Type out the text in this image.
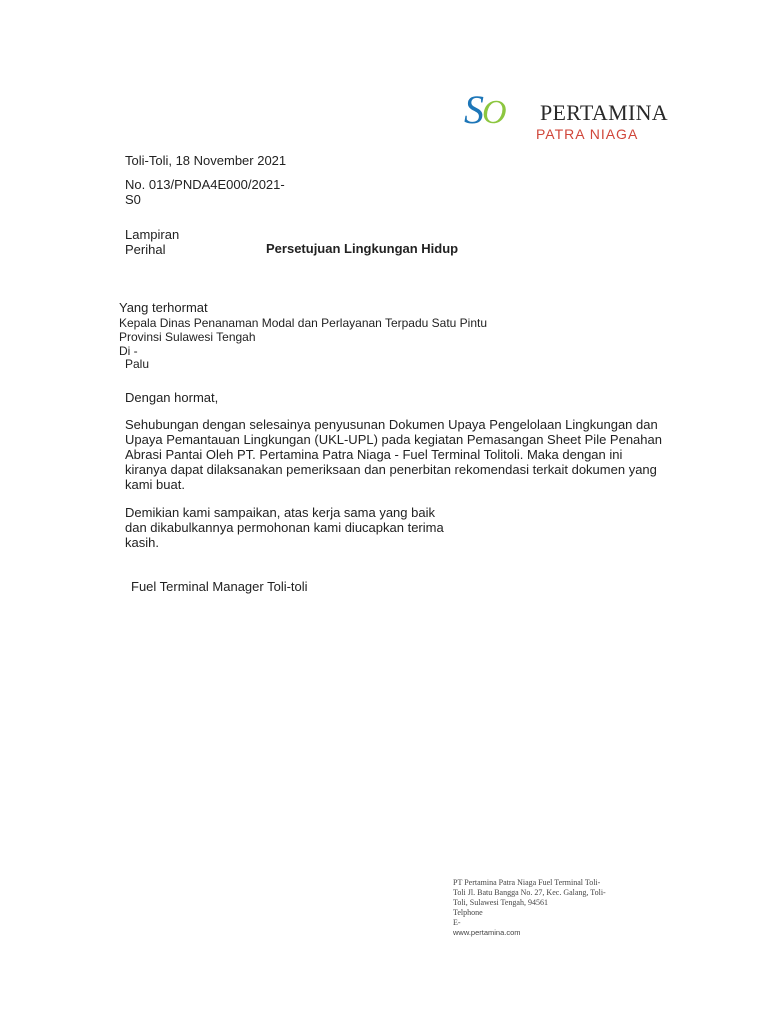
SO PERTAMINA
PATRA NIAGA
Toli-Toli, 18 November 2021
No. 013/PNDA4E000/2021-
S0
Lampiran
Perihal	Persetujuan Lingkungan Hidup
Yang terhormat
Kepala Dinas Penanaman Modal dan Perlayanan Terpadu Satu Pintu
Provinsi Sulawesi Tengah
Di -
Palu
Dengan hormat,
Sehubungan dengan selesainya penyusunan Dokumen Upaya Pengelolaan Lingkungan dan Upaya Pemantauan Lingkungan (UKL-UPL) pada kegiatan Pemasangan Sheet Pile Penahan Abrasi Pantai Oleh PT. Pertamina Patra Niaga - Fuel Terminal Tolitoli. Maka dengan ini kiranya dapat dilaksanakan pemeriksaan dan penerbitan rekomendasi terkait dokumen yang kami buat.
Demikian kami sampaikan, atas kerja sama yang baik dan dikabulkannya permohonan kami diucapkan terima kasih.
Fuel Terminal Manager Toli-toli
PT Pertamina Patra Niaga Fuel Terminal Toli-
Toli Jl. Batu Bangga No. 27, Kec. Galang, Toli-
Toli, Sulawesi Tengah, 94561
Telphone
E-
www.pertamina.com
